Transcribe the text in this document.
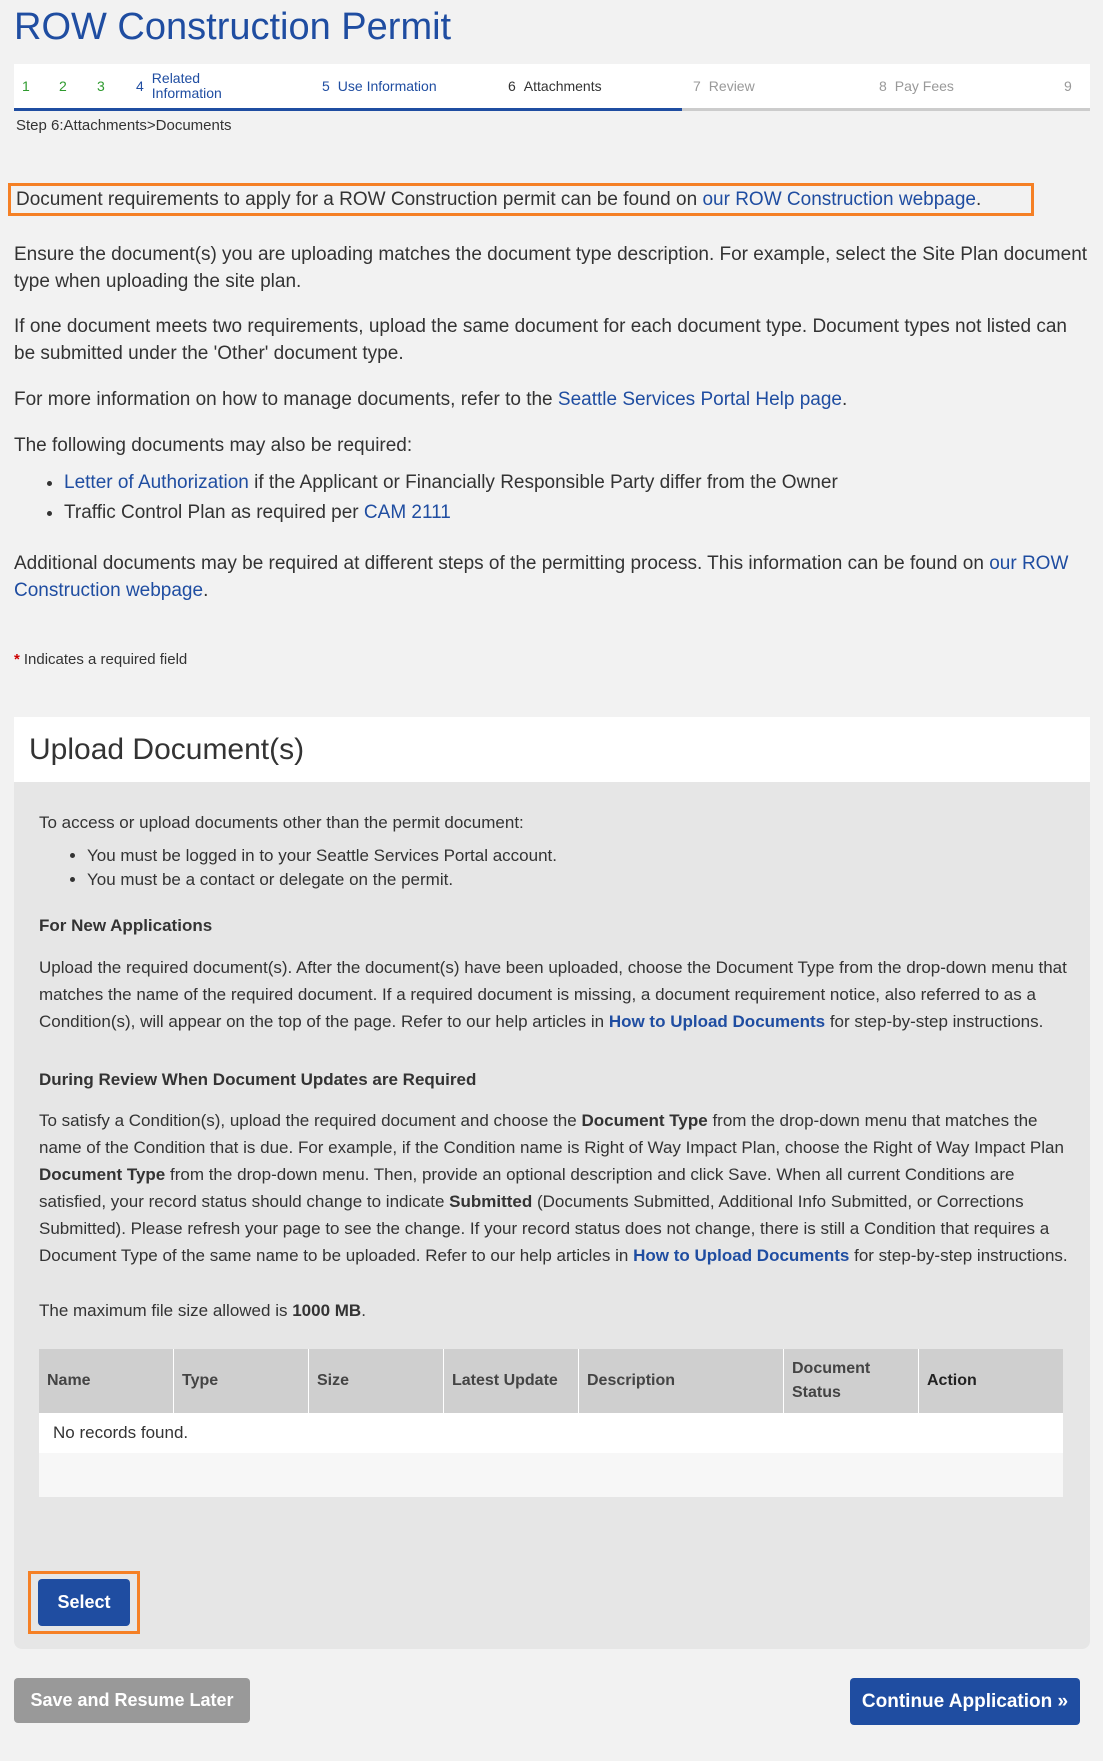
ROW Construction Permit
1 2 3 4 Related Information	5 Use Information	6 Attachments	7 Review	8 Pay Fees	9
Step 6:Attachments>Documents
Document requirements to apply for a ROW Construction permit can be found on our ROW Construction webpage.

Ensure the document(s) you are uploading matches the document type description. For example, select the Site Plan document type when uploading the site plan.

If one document meets two requirements, upload the same document for each document type. Document types not listed can be submitted under the 'Other' document type.

For more information on how to manage documents, refer to the Seattle Services Portal Help page.

The following documents may also be required:

• Letter of Authorization if the Applicant or Financially Responsible Party differ from the Owner
• Traffic Control Plan as required per CAM 2111

Additional documents may be required at different steps of the permitting process. This information can be found on our ROW Construction webpage.

* Indicates a required field
Upload Document(s)

To access or upload documents other than the permit document:

• You must be logged in to your Seattle Services Portal account.
• You must be a contact or delegate on the permit.

For New Applications

Upload the required document(s). After the document(s) have been uploaded, choose the Document Type from the drop-down menu that matches the name of the required document. If a required document is missing, a document requirement notice, also referred to as a Condition(s), will appear on the top of the page. Refer to our help articles in How to Upload Documents for step-by-step instructions.

During Review When Document Updates are Required

To satisfy a Condition(s), upload the required document and choose the Document Type from the drop-down menu that matches the name of the Condition that is due. For example, if the Condition name is Right of Way Impact Plan, choose the Right of Way Impact Plan Document Type from the drop-down menu. Then, provide an optional description and click Save. When all current Conditions are satisfied, your record status should change to indicate Submitted (Documents Submitted, Additional Info Submitted, or Corrections Submitted). Please refresh your page to see the change. If your record status does not change, there is still a Condition that requires a Document Type of the same name to be uploaded. Refer to our help articles in How to Upload Documents for step-by-step instructions.

The maximum file size allowed is 1000 MB.

Name	Type	Size	Latest Update	Description	Document Status	Action
No records found.

Select
Save and Resume Later	Continue Application »
